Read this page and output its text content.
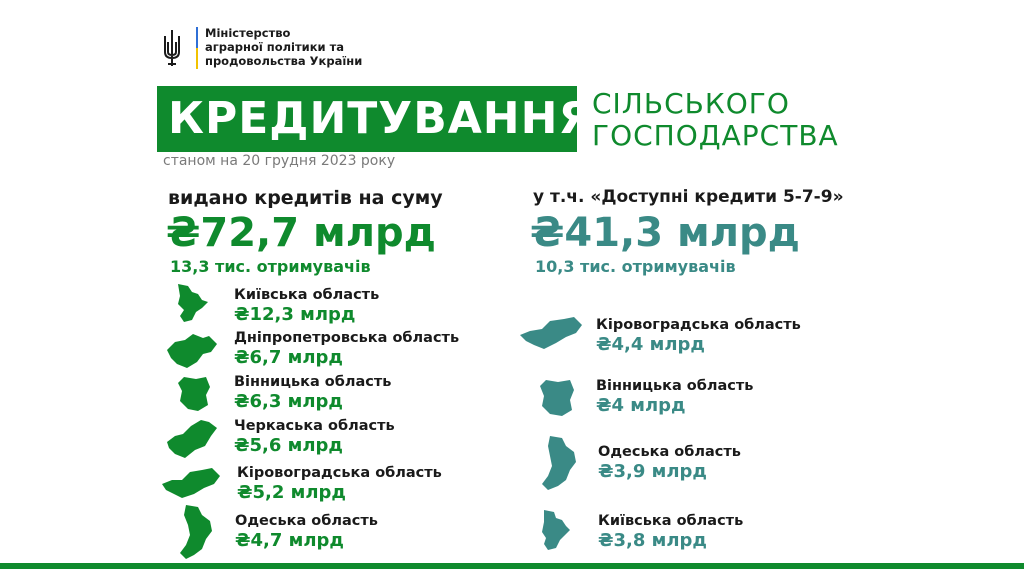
Міністерство
аграрної політики та
продовольства України
КРЕДИТУВАННЯ
СІЛЬСЬКОГО
ГОСПОДАРСТВА
станом на 20 грудня 2023 року
видано кредитів на суму
₴72,7 млрд
13,3 тис. отримувачів
у т.ч. «Доступні кредити 5-7-9»
₴41,3 млрд
10,3 тис. отримувачів
Київська область
₴12,3 млрд
Дніпропетровська область
₴6,7 млрд
Вінницька область
₴6,3 млрд
Черкаська область
₴5,6 млрд
Кіровоградська область
₴5,2 млрд
Одеська область
₴4,7 млрд
Кіровоградська область
₴4,4 млрд
Вінницька область
₴4 млрд
Одеська область
₴3,9 млрд
Київська область
₴3,8 млрд
